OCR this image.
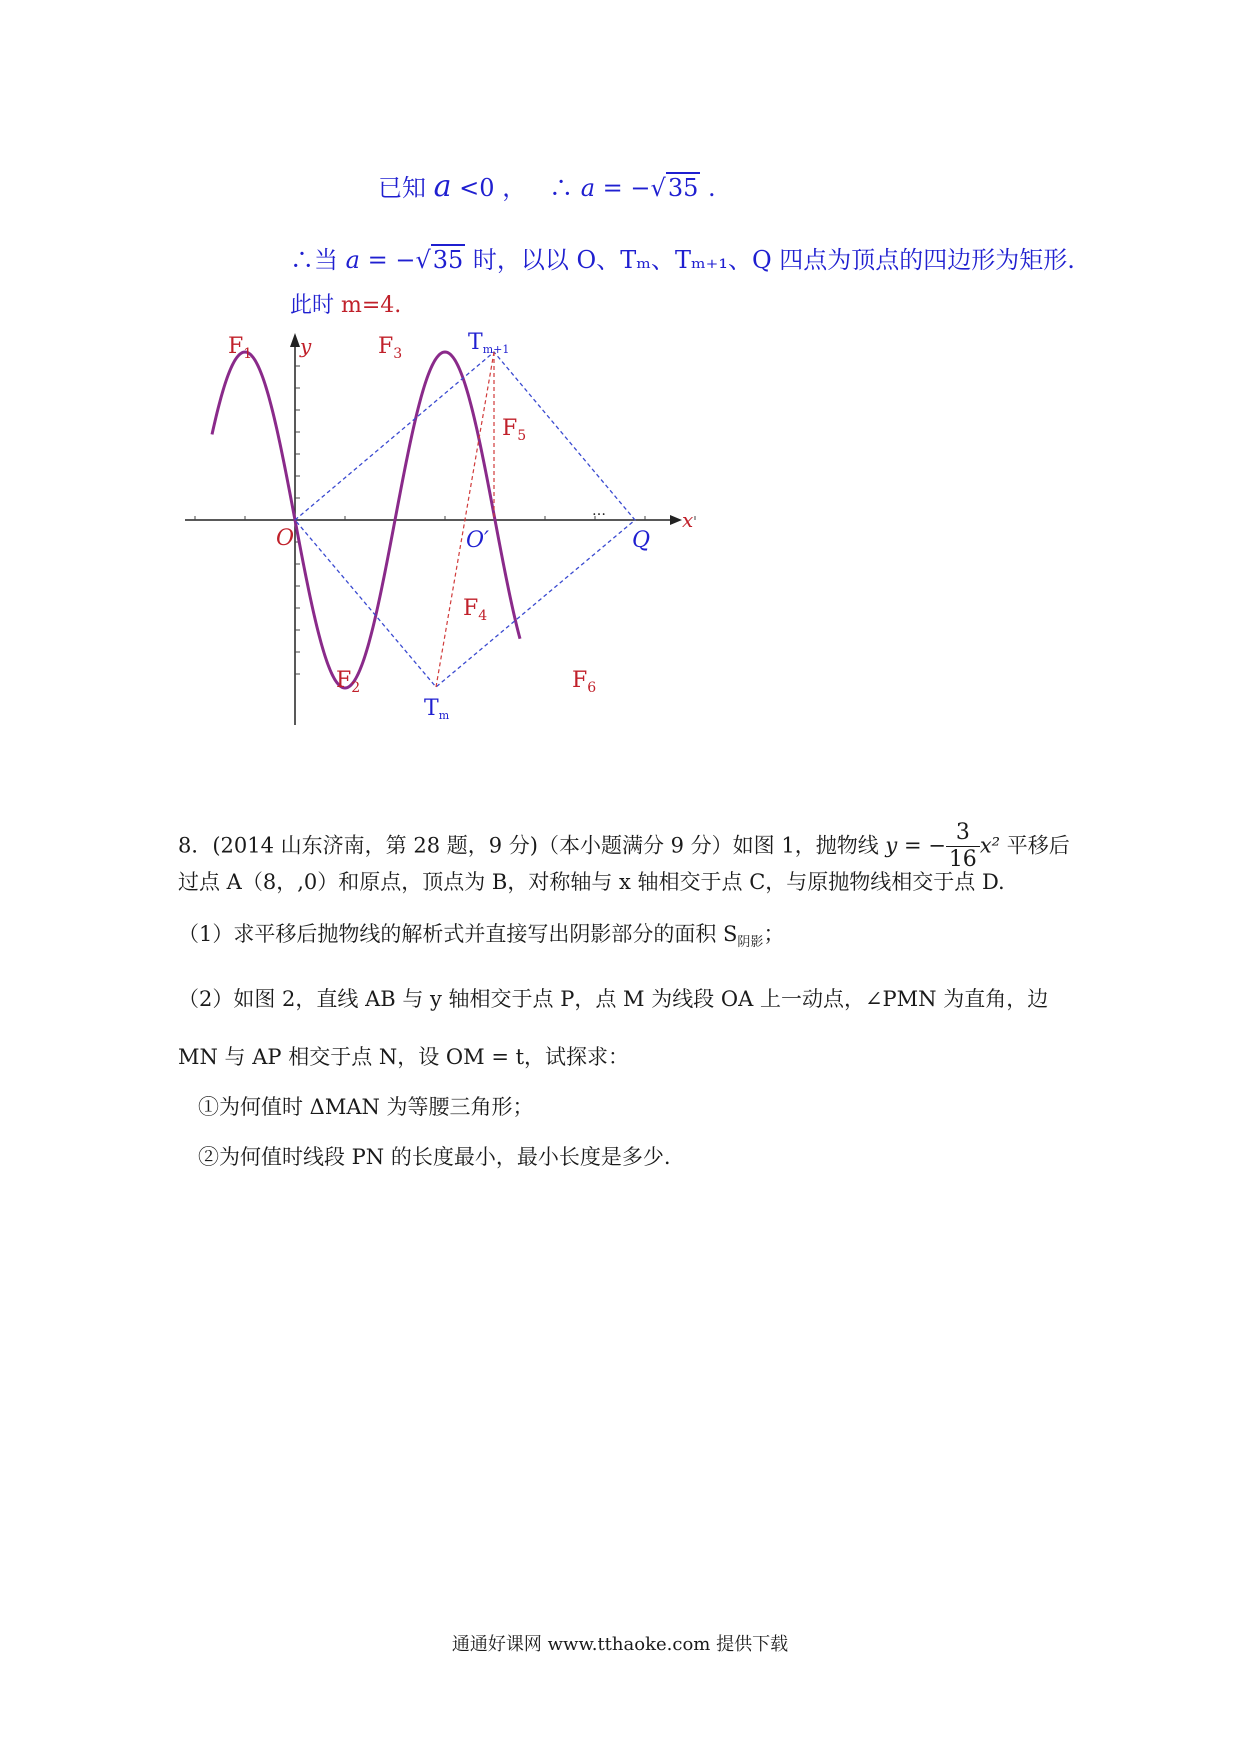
已知 a <0 ， ∴ a = −√35 .
∴当 a = −√35 时，以以 O、Tₘ、Tₘ₊₁、Q 四点为顶点的四边形为矩形.
此时 m=4.
$F_1$ y	$F_3$	Tm+1
$F_5$
O	O′	Q
x
…
$F_4$
$F_2$	$F_6$
Tm
8．(2014 山东济南，第 28 题，9 分)（本小题满分 9 分）如图 1，抛物线 y = − $\frac{3}{16} x^2$ 平移后
过点 A（8，,0）和原点，顶点为 B，对称轴与 x 轴相交于点 C，与原抛物线相交于点 D.
（1）求平移后抛物线的解析式并直接写出阴影部分的面积 $S_{阴影}$；
（2）如图 2，直线 AB 与 y 轴相交于点 P，点 M 为线段 OA 上一动点，∠PMN 为直角，边
MN 与 AP 相交于点 N，设 OM = t，试探求：
①为何值时 ΔMAN 为等腰三角形；
②为何值时线段 PN 的长度最小，最小长度是多少.
通通好课网 www.tthaoke.com 提供下载
